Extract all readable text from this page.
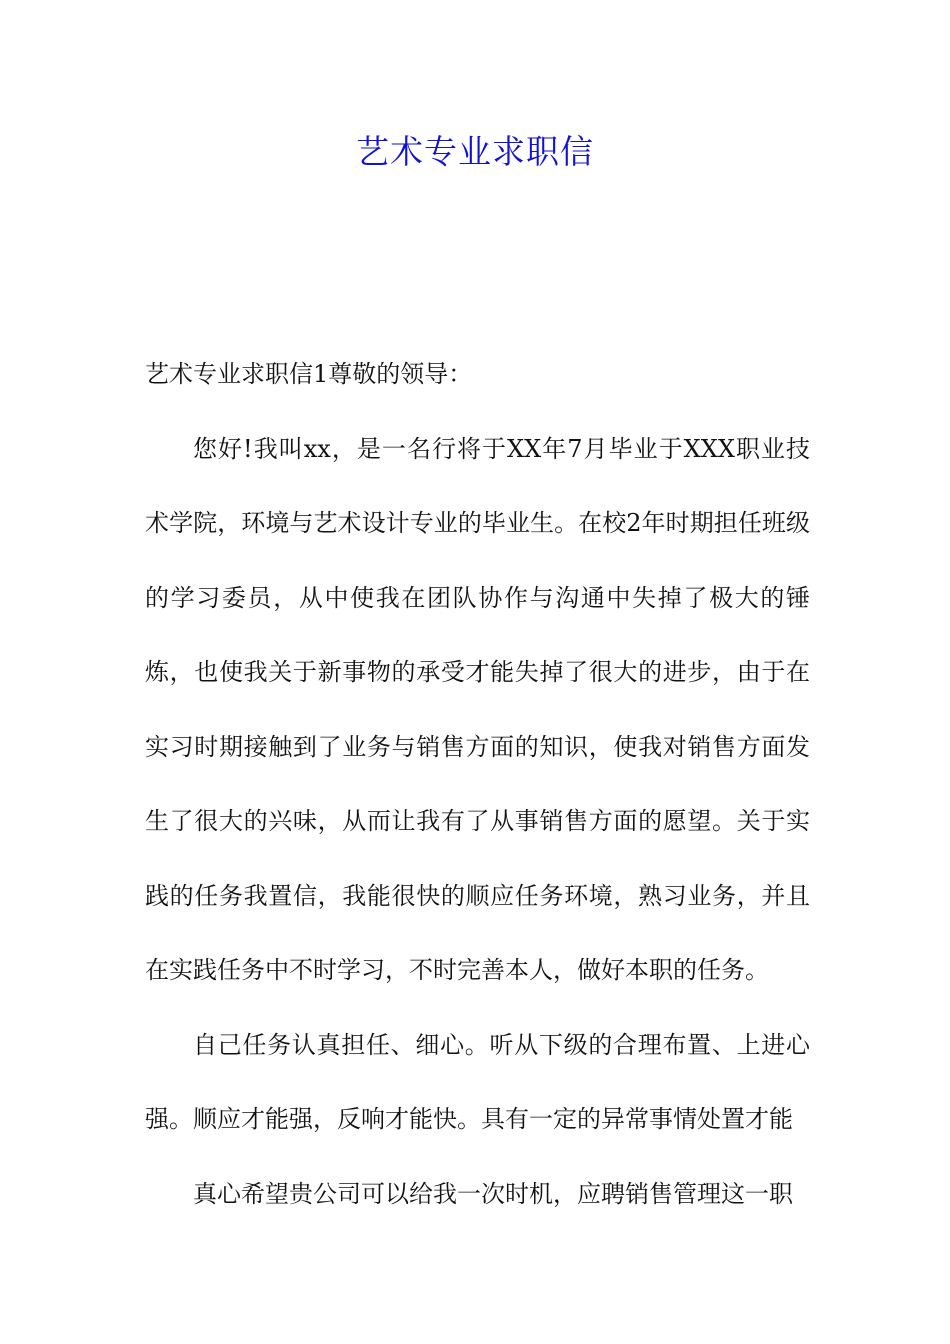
艺术专业求职信

艺术专业求职信1尊敬的领导：

您好!我叫xx，是一名行将于XX年7月毕业于XXX职业技术学院，环境与艺术设计专业的毕业生。在校2年时期担任班级的学习委员，从中使我在团队协作与沟通中失掉了极大的锤炼，也使我关于新事物的承受才能失掉了很大的进步，由于在实习时期接触到了业务与销售方面的知识，使我对销售方面发生了很大的兴味，从而让我有了从事销售方面的愿望。关于实践的任务我置信，我能很快的顺应任务环境，熟习业务，并且在实践任务中不时学习，不时完善本人，做好本职的任务。

自己任务认真担任、细心。听从下级的合理布置、上进心强。顺应才能强，反响才能快。具有一定的异常事情处置才能

真心希望贵公司可以给我一次时机，应聘销售管理这一职
